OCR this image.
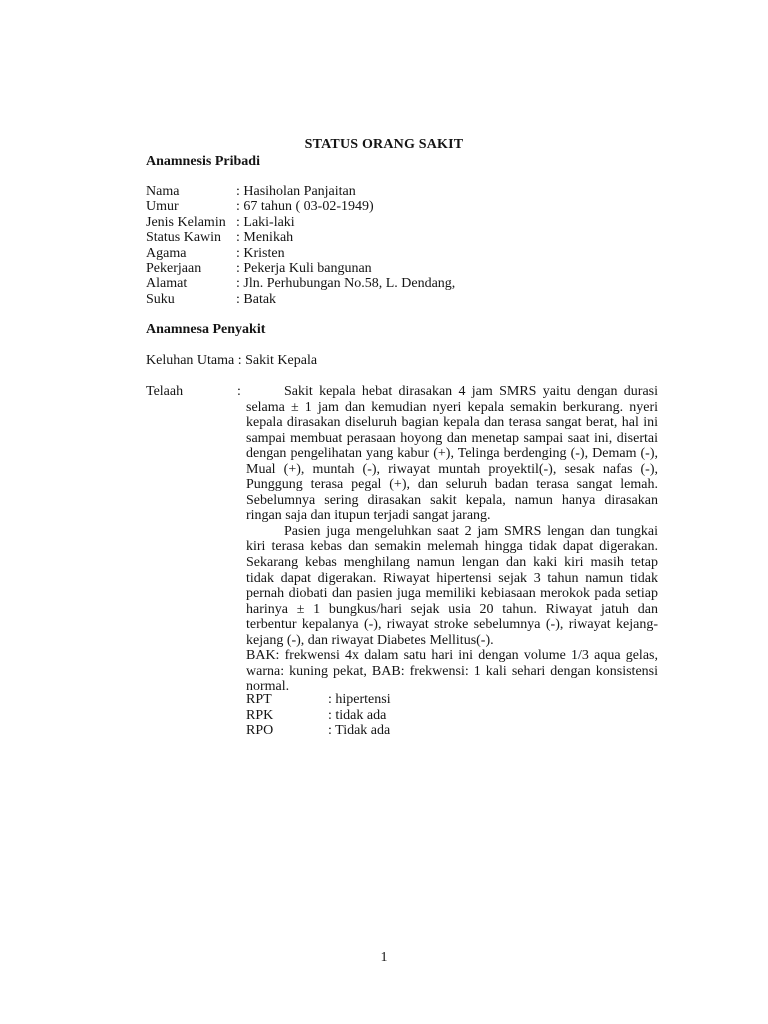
STATUS ORANG SAKIT
Anamnesis Pribadi
Nama	: Hasiholan Panjaitan
Umur	: 67 tahun ( 03-02-1949)
Jenis Kelamin : Laki-laki
Status Kawin : Menikah
Agama	: Kristen
Pekerjaan : Pekerja Kuli bangunan
Alamat	: Jln. Perhubungan No.58, L. Dendang,
Suku	: Batak
Anamnesa Penyakit
Keluhan Utama : Sakit Kepala
Telaah	:	Sakit kepala hebat dirasakan 4 jam SMRS yaitu dengan durasi selama ± 1 jam dan kemudian nyeri kepala semakin berkurang. nyeri kepala dirasakan diseluruh bagian kepala dan terasa sangat berat, hal ini sampai membuat perasaan hoyong dan menetap sampai saat ini, disertai dengan pengelihatan yang kabur (+), Telinga berdenging (-), Demam (-), Mual (+), muntah (-), riwayat muntah proyektil(-), sesak nafas (-), Punggung terasa pegal (+), dan seluruh badan terasa sangat lemah. Sebelumnya sering dirasakan sakit kepala, namun hanya dirasakan ringan saja dan itupun terjadi sangat jarang.

Pasien juga mengeluhkan saat 2 jam SMRS lengan dan tungkai kiri terasa kebas dan semakin melemah hingga tidak dapat digerakan. Sekarang kebas menghilang namun lengan dan kaki kiri masih tetap tidak dapat digerakan. Riwayat hipertensi sejak 3 tahun namun tidak pernah diobati dan pasien juga memiliki kebiasaan merokok pada setiap harinya ± 1 bungkus/hari sejak usia 20 tahun. Riwayat jatuh dan terbentur kepalanya (-), riwayat stroke sebelumnya (-), riwayat kejang-kejang (-), dan riwayat Diabetes Mellitus(-).

BAK: frekwensi 4x dalam satu hari ini dengan volume 1/3 aqua gelas, warna: kuning pekat, BAB: frekwensi: 1 kali sehari dengan konsistensi normal.

RPT	: hipertensi
RPK	: tidak ada
RPO	: Tidak ada
1
